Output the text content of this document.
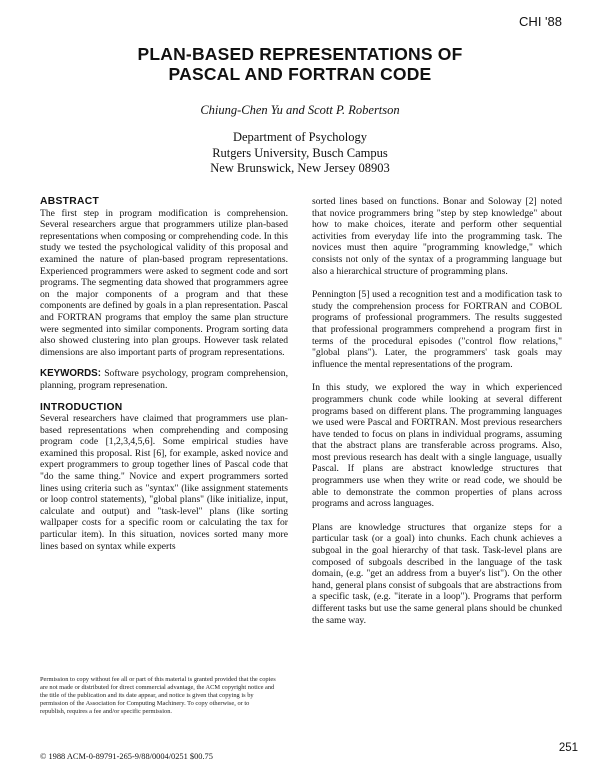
CHI '88
PLAN-BASED REPRESENTATIONS OF
PASCAL AND FORTRAN CODE
Chiung-Chen Yu and Scott P. Robertson
Department of Psychology
Rutgers University, Busch Campus
New Brunswick, New Jersey 08903
ABSTRACT

The first step in program modification is comprehension. Several researchers argue that programmers utilize plan-based representations when composing or comprehending code. In this study we tested the psychological validity of this proposal and examined the nature of plan-based program representations. Experienced programmers were asked to segment code and sort programs. The segmenting data showed that programmers agree on the major components of a program and that these components are defined by goals in a plan representation. Pascal and FORTRAN programs that employ the same plan structure were segmented into similar components. Program sorting data also showed clustering into plan groups. However task related dimensions are also important parts of program representations.

KEYWORDS: Software psychology, program comprehension, planning, program represenation.

INTRODUCTION

Several researchers have claimed that programmers use plan-based representations when comprehending and composing program code [1,2,3,4,5,6]. Some empirical studies have examined this proposal. Rist [6], for example, asked novice and expert programmers to group together lines of Pascal code that "do the same thing." Novice and expert programmers sorted lines using criteria such as "syntax" (like assignment statements or loop control statements), "global plans" (like initialize, input, calculate and output) and "task-level" plans (like sorting wallpaper costs for a specific room or calculating the tax for particular item). In this situation, novices sorted many more lines based on syntax while experts

sorted lines based on functions. Bonar and Soloway [2] noted that novice programmers bring "step by step knowledge" about how to make choices, iterate and perform other sequential activities from everyday life into the programming task. The novices must then aquire "programming knowledge," which consists not only of the syntax of a programming language but also a hierarchical structure of programming plans.

Pennington [5] used a recognition test and a modification task to study the comprehension process for FORTRAN and COBOL programs of professional programmers. The results suggested that professional programmers comprehend a program first in terms of the procedural episodes ("control flow relations," "global plans"). Later, the programmers' task goals may influence the mental representations of the program.

In this study, we explored the way in which experienced programmers chunk code while looking at several different programs based on different plans. The programming languages we used were Pascal and FORTRAN. Most previous researchers have tended to focus on plans in individual programs, assuming that the abstract plans are transferable across programs. Also, most previous research has dealt with a single language, usually Pascal. If plans are abstract knowledge structures that programmers use when they write or read code, we should be able to demonstrate the common properties of plans across programs and across languages.

Plans are knowledge structures that organize steps for a particular task (or a goal) into chunks. Each chunk achieves a subgoal in the goal hierarchy of that task. Task-level plans are composed of subgoals described in the language of the task domain, (e.g. "get an address from a buyer's list"). On the other hand, general plans consist of subgoals that are abstractions from a specific task, (e.g. "iterate in a loop"). Programs that perform different tasks but use the same general plans should be chunked the same way.

Permission to copy without fee all or part of this material is granted provided that the copies are not made or distributed for direct commercial advantage, the ACM copyright notice and the title of the publication and its date appear, and notice is given that copying is by permission of the Association for Computing Machinery. To copy otherwise, or to republish, requires a fee and/or specific permission.
© 1988 ACM-0-89791-265-9/88/0004/0251 $00.75
251
